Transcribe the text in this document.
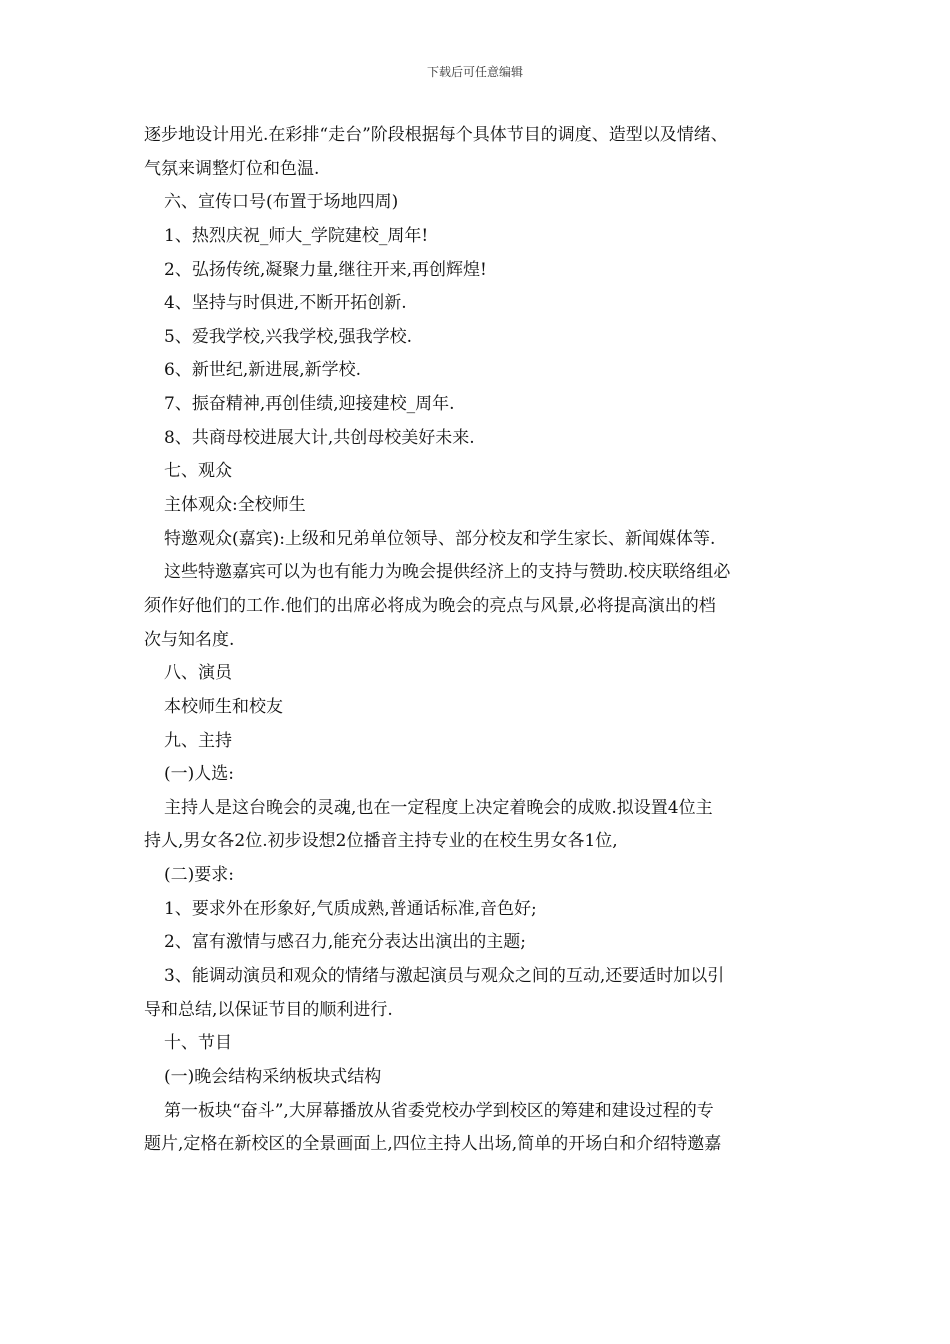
下载后可任意编辑
逐步地设计用光.在彩排“走台”阶段根据每个具体节目的调度、造型以及情绪、
气氛来调整灯位和色温.
六、宣传口号(布置于场地四周)
1、热烈庆祝_师大_学院建校_周年!
2、弘扬传统,凝聚力量,继往开来,再创辉煌!
4、坚持与时俱进,不断开拓创新.
5、爱我学校,兴我学校,强我学校.
6、新世纪,新进展,新学校.
7、振奋精神,再创佳绩,迎接建校_周年.
8、共商母校进展大计,共创母校美好未来.
七、观众
主体观众:全校师生
特邀观众(嘉宾):上级和兄弟单位领导、部分校友和学生家长、新闻媒体等.
这些特邀嘉宾可以为也有能力为晚会提供经济上的支持与赞助.校庆联络组必
须作好他们的工作.他们的出席必将成为晚会的亮点与风景,必将提高演出的档
次与知名度.
八、演员
本校师生和校友
九、主持
(一)人选:
主持人是这台晚会的灵魂,也在一定程度上决定着晚会的成败.拟设置4位主
持人,男女各2位.初步设想2位播音主持专业的在校生男女各1位,
(二)要求:
1、要求外在形象好,气质成熟,普通话标准,音色好;
2、富有激情与感召力,能充分表达出演出的主题;
3、能调动演员和观众的情绪与激起演员与观众之间的互动,还要适时加以引
导和总结,以保证节目的顺利进行.
十、节目
(一)晚会结构采纳板块式结构
第一板块“奋斗”,大屏幕播放从省委党校办学到校区的筹建和建设过程的专
题片,定格在新校区的全景画面上,四位主持人出场,简单的开场白和介绍特邀嘉
